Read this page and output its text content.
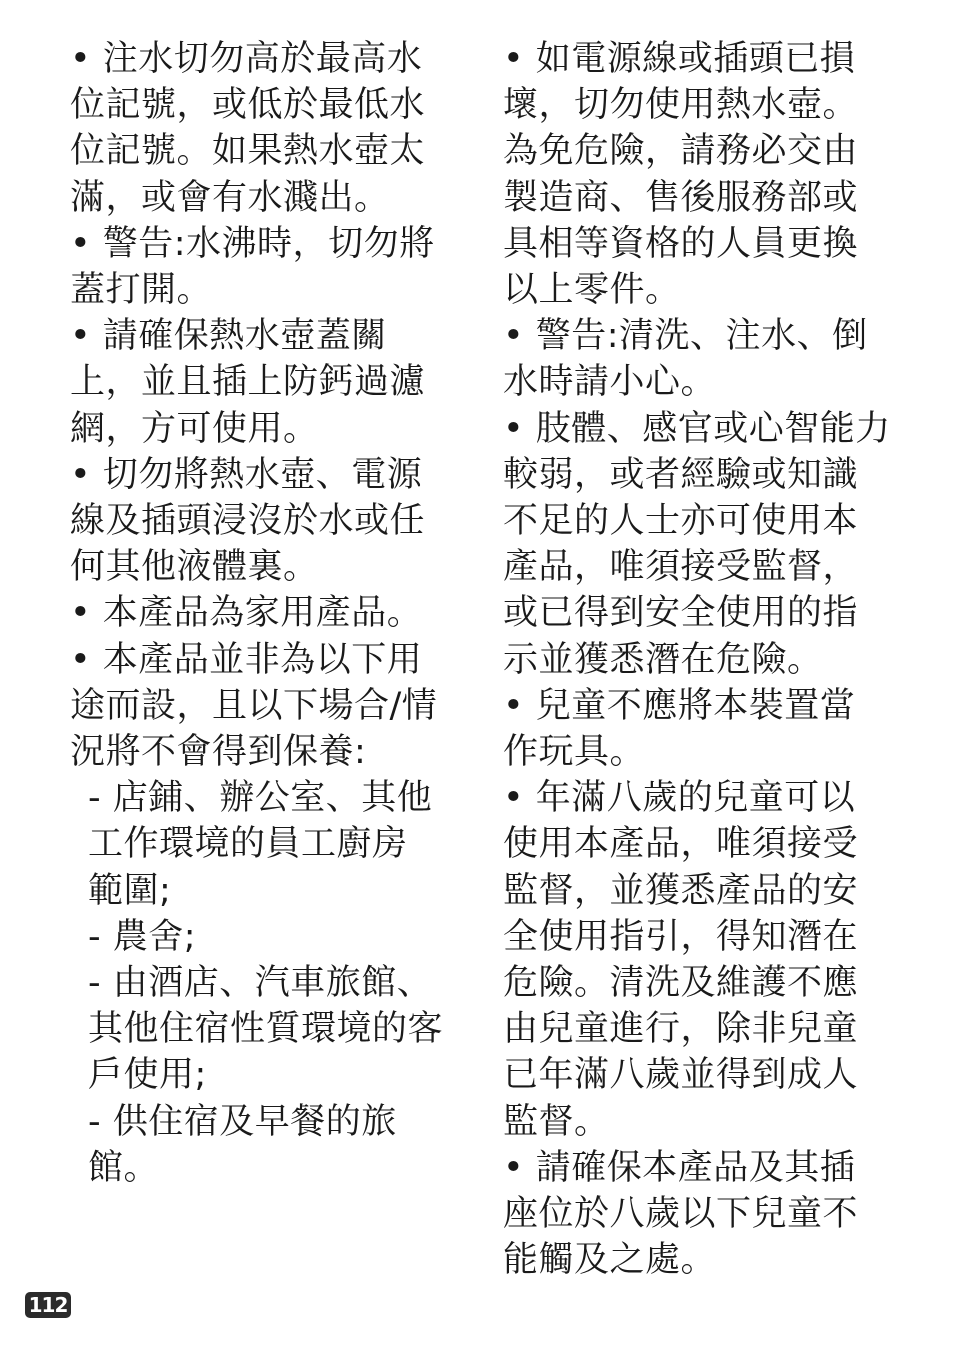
• 注水切勿高於最高水
位記號，或低於最低水
位記號。如果熱水壺太
滿，或會有水濺出。
• 警告:水沸時，切勿將
蓋打開。
• 請確保熱水壺蓋關
上，並且插上防鈣過濾
網，方可使用。
• 切勿將熱水壺、電源
線及插頭浸沒於水或任
何其他液體裏。
• 本產品為家用產品。
• 本產品並非為以下用
途而設，且以下場合/情
況將不會得到保養:
- 店鋪、辦公室、其他
工作環境的員工廚房
範圍;
- 農舍;
- 由酒店、汽車旅館、
其他住宿性質環境的客
戶使用;
- 供住宿及早餐的旅
館。
• 如電源線或插頭已損
壞，切勿使用熱水壺。
為免危險，請務必交由
製造商、售後服務部或
具相等資格的人員更換
以上零件。
• 警告:清洗、注水、倒
水時請小心。
• 肢體、感官或心智能力
較弱，或者經驗或知識
不足的人士亦可使用本
產品，唯須接受監督，
或已得到安全使用的指
示並獲悉潛在危險。
• 兒童不應將本裝置當
作玩具。
• 年滿八歲的兒童可以
使用本產品，唯須接受
監督，並獲悉產品的安
全使用指引，得知潛在
危險。清洗及維護不應
由兒童進行，除非兒童
已年滿八歲並得到成人
監督。
• 請確保本產品及其插
座位於八歲以下兒童不
能觸及之處。
112
